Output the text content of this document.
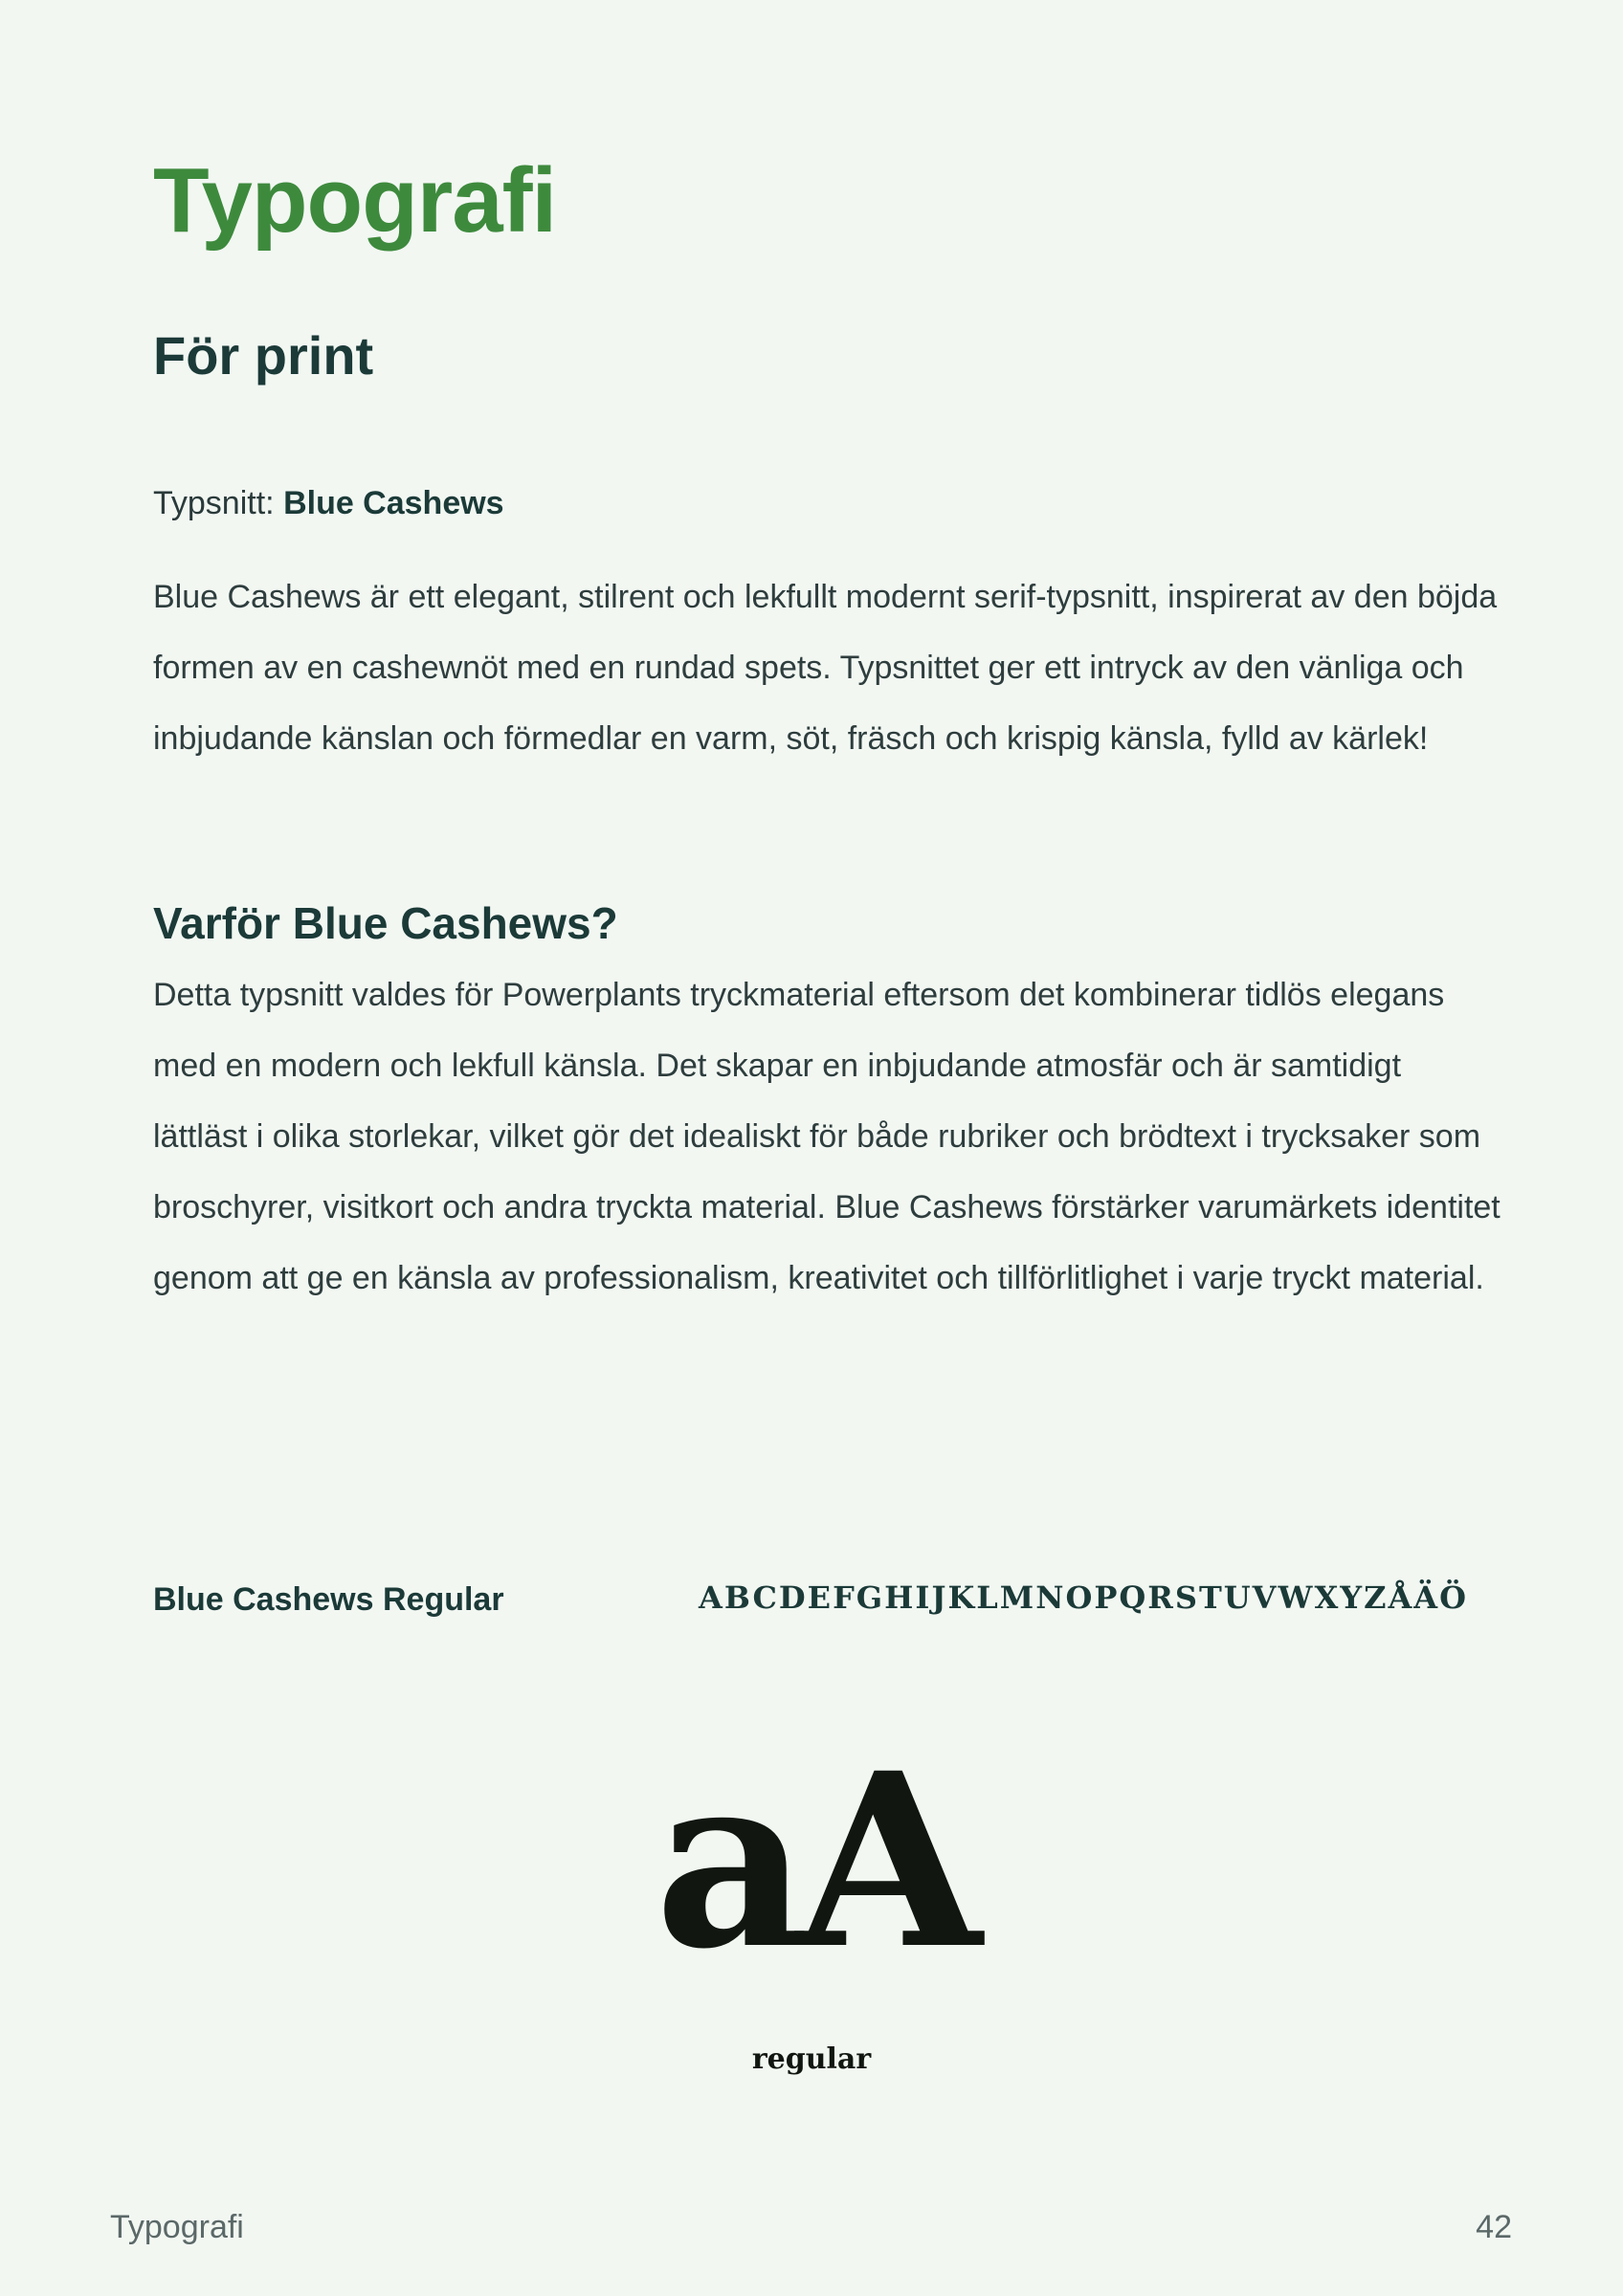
Typografi
För print
Typsnitt: Blue Cashews

Blue Cashews är ett elegant, stilrent och lekfullt modernt serif-typsnitt, inspirerat av den böjda formen av en cashewnöt med en rundad spets. Typsnittet ger ett intryck av den vänliga och inbjudande känslan och förmedlar en varm, söt, fräsch och krispig känsla, fylld av kärlek!

Varför Blue Cashews?

Detta typsnitt valdes för Powerplants tryckmaterial eftersom det kombinerar tidlös elegans med en modern och lekfull känsla. Det skapar en inbjudande atmosfär och är samtidigt lättläst i olika storlekar, vilket gör det idealiskt för både rubriker och brödtext i trycksaker som broschyrer, visitkort och andra tryckta material. Blue Cashews förstärker varumärkets identitet genom att ge en känsla av professionalism, kreativitet och tillförlitlighet i varje tryckt material.

Blue Cashews Regular	ABCDEFGHIJKLMNOPQRSTUVWXYZÅÄÖ
aA
regular
Typografi	42
